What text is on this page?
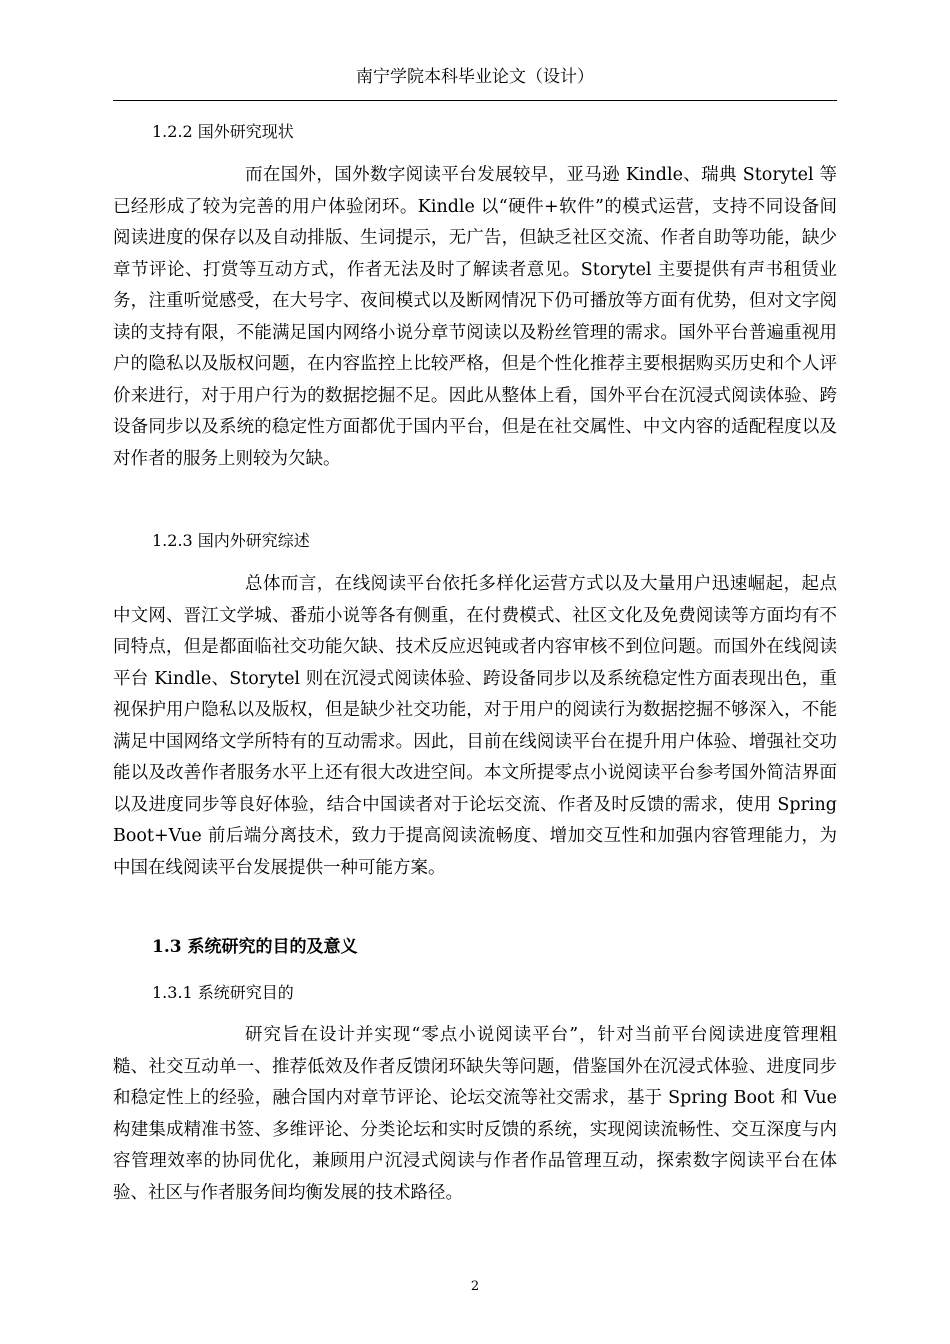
南宁学院本科毕业论文（设计）
1.2.2 国外研究现状

而在国外，国外数字阅读平台发展较早，亚马逊 Kindle、瑞典 Storytel 等已经形成了较为完善的用户体验闭环。Kindle 以“硬件+软件”的模式运营，支持不同设备间阅读进度的保存以及自动排版、生词提示，无广告，但缺乏社区交流、作者自助等功能，缺少章节评论、打赏等互动方式，作者无法及时了解读者意见。Storytel 主要提供有声书租赁业务，注重听觉感受，在大号字、夜间模式以及断网情况下仍可播放等方面有优势，但对文字阅读的支持有限，不能满足国内网络小说分章节阅读以及粉丝管理的需求。国外平台普遍重视用户的隐私以及版权问题，在内容监控上比较严格，但是个性化推荐主要根据购买历史和个人评价来进行，对于用户行为的数据挖掘不足。因此从整体上看，国外平台在沉浸式阅读体验、跨设备同步以及系统的稳定性方面都优于国内平台，但是在社交属性、中文内容的适配程度以及对作者的服务上则较为欠缺。

1.2.3 国内外研究综述

总体而言，在线阅读平台依托多样化运营方式以及大量用户迅速崛起，起点中文网、晋江文学城、番茄小说等各有侧重，在付费模式、社区文化及免费阅读等方面均有不同特点，但是都面临社交功能欠缺、技术反应迟钝或者内容审核不到位问题。而国外在线阅读平台 Kindle、Storytel 则在沉浸式阅读体验、跨设备同步以及系统稳定性方面表现出色，重视保护用户隐私以及版权，但是缺少社交功能，对于用户的阅读行为数据挖掘不够深入，不能满足中国网络文学所特有的互动需求。因此，目前在线阅读平台在提升用户体验、增强社交功能以及改善作者服务水平上还有很大改进空间。本文所提零点小说阅读平台参考国外简洁界面以及进度同步等良好体验，结合中国读者对于论坛交流、作者及时反馈的需求，使用 Spring Boot+Vue 前后端分离技术，致力于提高阅读流畅度、增加交互性和加强内容管理能力，为中国在线阅读平台发展提供一种可能方案。

1.3 系统研究的目的及意义
1.3.1 系统研究目的

研究旨在设计并实现“零点小说阅读平台”，针对当前平台阅读进度管理粗糙、社交互动单一、推荐低效及作者反馈闭环缺失等问题，借鉴国外在沉浸式体验、进度同步和稳定性上的经验，融合国内对章节评论、论坛交流等社交需求，基于 Spring Boot 和 Vue 构建集成精准书签、多维评论、分类论坛和实时反馈的系统，实现阅读流畅性、交互深度与内容管理效率的协同优化，兼顾用户沉浸式阅读与作者作品管理互动，探索数字阅读平台在体验、社区与作者服务间均衡发展的技术路径。

2
